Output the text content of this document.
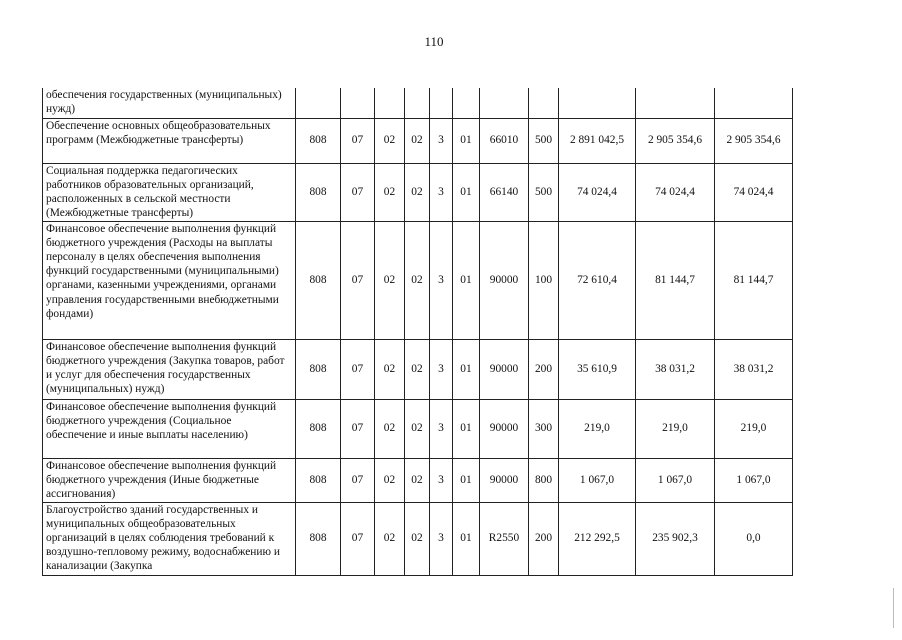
110
обеспечения государственных (муниципальных) нужд)											
Обеспечение основных общеобразовательных программ (Межбюджетные трансферты)	808	07	02	02	3	01	66010	500	2 891 042,5	2 905 354,6	2 905 354,6
Социальная поддержка педагогических работников образовательных организаций, расположенных в сельской местности (Межбюджетные трансферты)	808	07	02	02	3	01	66140	500	74 024,4	74 024,4	74 024,4
Финансовое обеспечение выполнения функций бюджетного учреждения (Расходы на выплаты персоналу в целях обеспечения выполнения функций государственными (муниципальными) органами, казенными учреждениями, органами управления государственными внебюджетными фондами)	808	07	02	02	3	01	90000	100	72 610,4	81 144,7	81 144,7
Финансовое обеспечение выполнения функций бюджетного учреждения (Закупка товаров, работ и услуг для обеспечения государственных (муниципальных) нужд)	808	07	02	02	3	01	90000	200	35 610,9	38 031,2	38 031,2
Финансовое обеспечение выполнения функций бюджетного учреждения (Социальное обеспечение и иные выплаты населению)	808	07	02	02	3	01	90000	300	219,0	219,0	219,0
Финансовое обеспечение выполнения функций бюджетного учреждения (Иные бюджетные ассигнования)	808	07	02	02	3	01	90000	800	1 067,0	1 067,0	1 067,0
Благоустройство зданий государственных и муниципальных общеобразовательных организаций в целях соблюдения требований к воздушно-тепловому режиму, водоснабжению и канализации (Закупка	808	07	02	02	3	01	R2550	200	212 292,5	235 902,3	0,0
